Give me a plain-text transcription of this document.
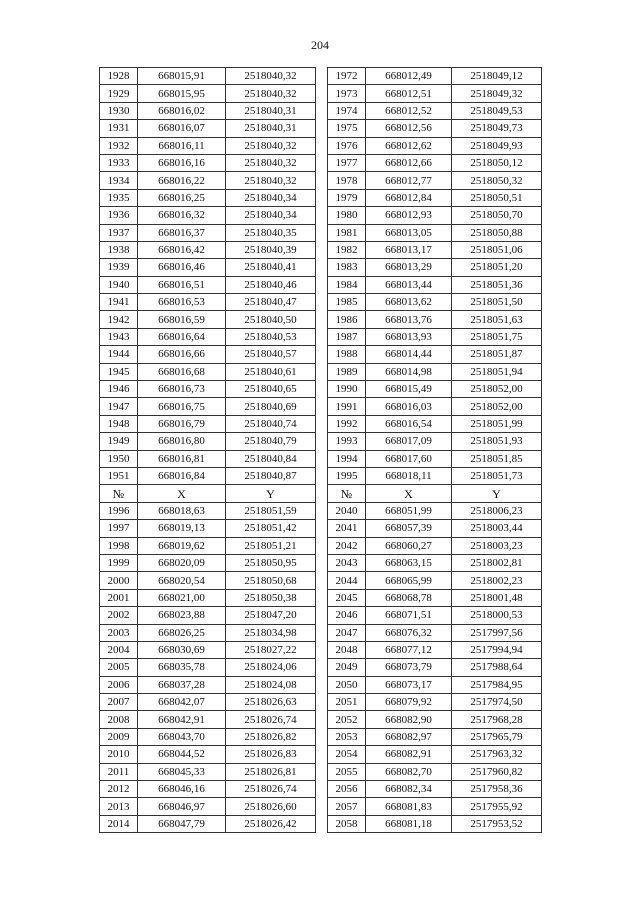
204
1928	668015,91	2518040,32		1972	668012,49	2518049,12
1929	668015,95	2518040,32		1973	668012,51	2518049,32
1930	668016,02	2518040,31		1974	668012,52	2518049,53
1931	668016,07	2518040,31		1975	668012,56	2518049,73
1932	668016,11	2518040,32		1976	668012,62	2518049,93
1933	668016,16	2518040,32		1977	668012,66	2518050,12
1934	668016,22	2518040,32		1978	668012,77	2518050,32
1935	668016,25	2518040,34		1979	668012,84	2518050,51
1936	668016,32	2518040,34		1980	668012,93	2518050,70
1937	668016,37	2518040,35		1981	668013,05	2518050,88
1938	668016,42	2518040,39		1982	668013,17	2518051,06
1939	668016,46	2518040,41		1983	668013,29	2518051,20
1940	668016,51	2518040,46		1984	668013,44	2518051,36
1941	668016,53	2518040,47		1985	668013,62	2518051,50
1942	668016,59	2518040,50		1986	668013,76	2518051,63
1943	668016,64	2518040,53		1987	668013,93	2518051,75
1944	668016,66	2518040,57		1988	668014,44	2518051,87
1945	668016,68	2518040,61		1989	668014,98	2518051,94
1946	668016,73	2518040,65		1990	668015,49	2518052,00
1947	668016,75	2518040,69		1991	668016,03	2518052,00
1948	668016,79	2518040,74		1992	668016,54	2518051,99
1949	668016,80	2518040,79		1993	668017,09	2518051,93
1950	668016,81	2518040,84		1994	668017,60	2518051,85
1951	668016,84	2518040,87		1995	668018,11	2518051,73
№	X	Y		№	X	Y
1996	668018,63	2518051,59		2040	668051,99	2518006,23
1997	668019,13	2518051,42		2041	668057,39	2518003,44
1998	668019,62	2518051,21		2042	668060,27	2518003,23
1999	668020,09	2518050,95		2043	668063,15	2518002,81
2000	668020,54	2518050,68		2044	668065,99	2518002,23
2001	668021,00	2518050,38		2045	668068,78	2518001,48
2002	668023,88	2518047,20		2046	668071,51	2518000,53
2003	668026,25	2518034,98		2047	668076,32	2517997,56
2004	668030,69	2518027,22		2048	668077,12	2517994,94
2005	668035,78	2518024,06		2049	668073,79	2517988,64
2006	668037,28	2518024,08		2050	668073,17	2517984,95
2007	668042,07	2518026,63		2051	668079,92	2517974,50
2008	668042,91	2518026,74		2052	668082,90	2517968,28
2009	668043,70	2518026,82		2053	668082,97	2517965,79
2010	668044,52	2518026,83		2054	668082,91	2517963,32
2011	668045,33	2518026,81		2055	668082,70	2517960,82
2012	668046,16	2518026,74		2056	668082,34	2517958,36
2013	668046,97	2518026,60		2057	668081,83	2517955,92
2014	668047,79	2518026,42		2058	668081,18	2517953,52
